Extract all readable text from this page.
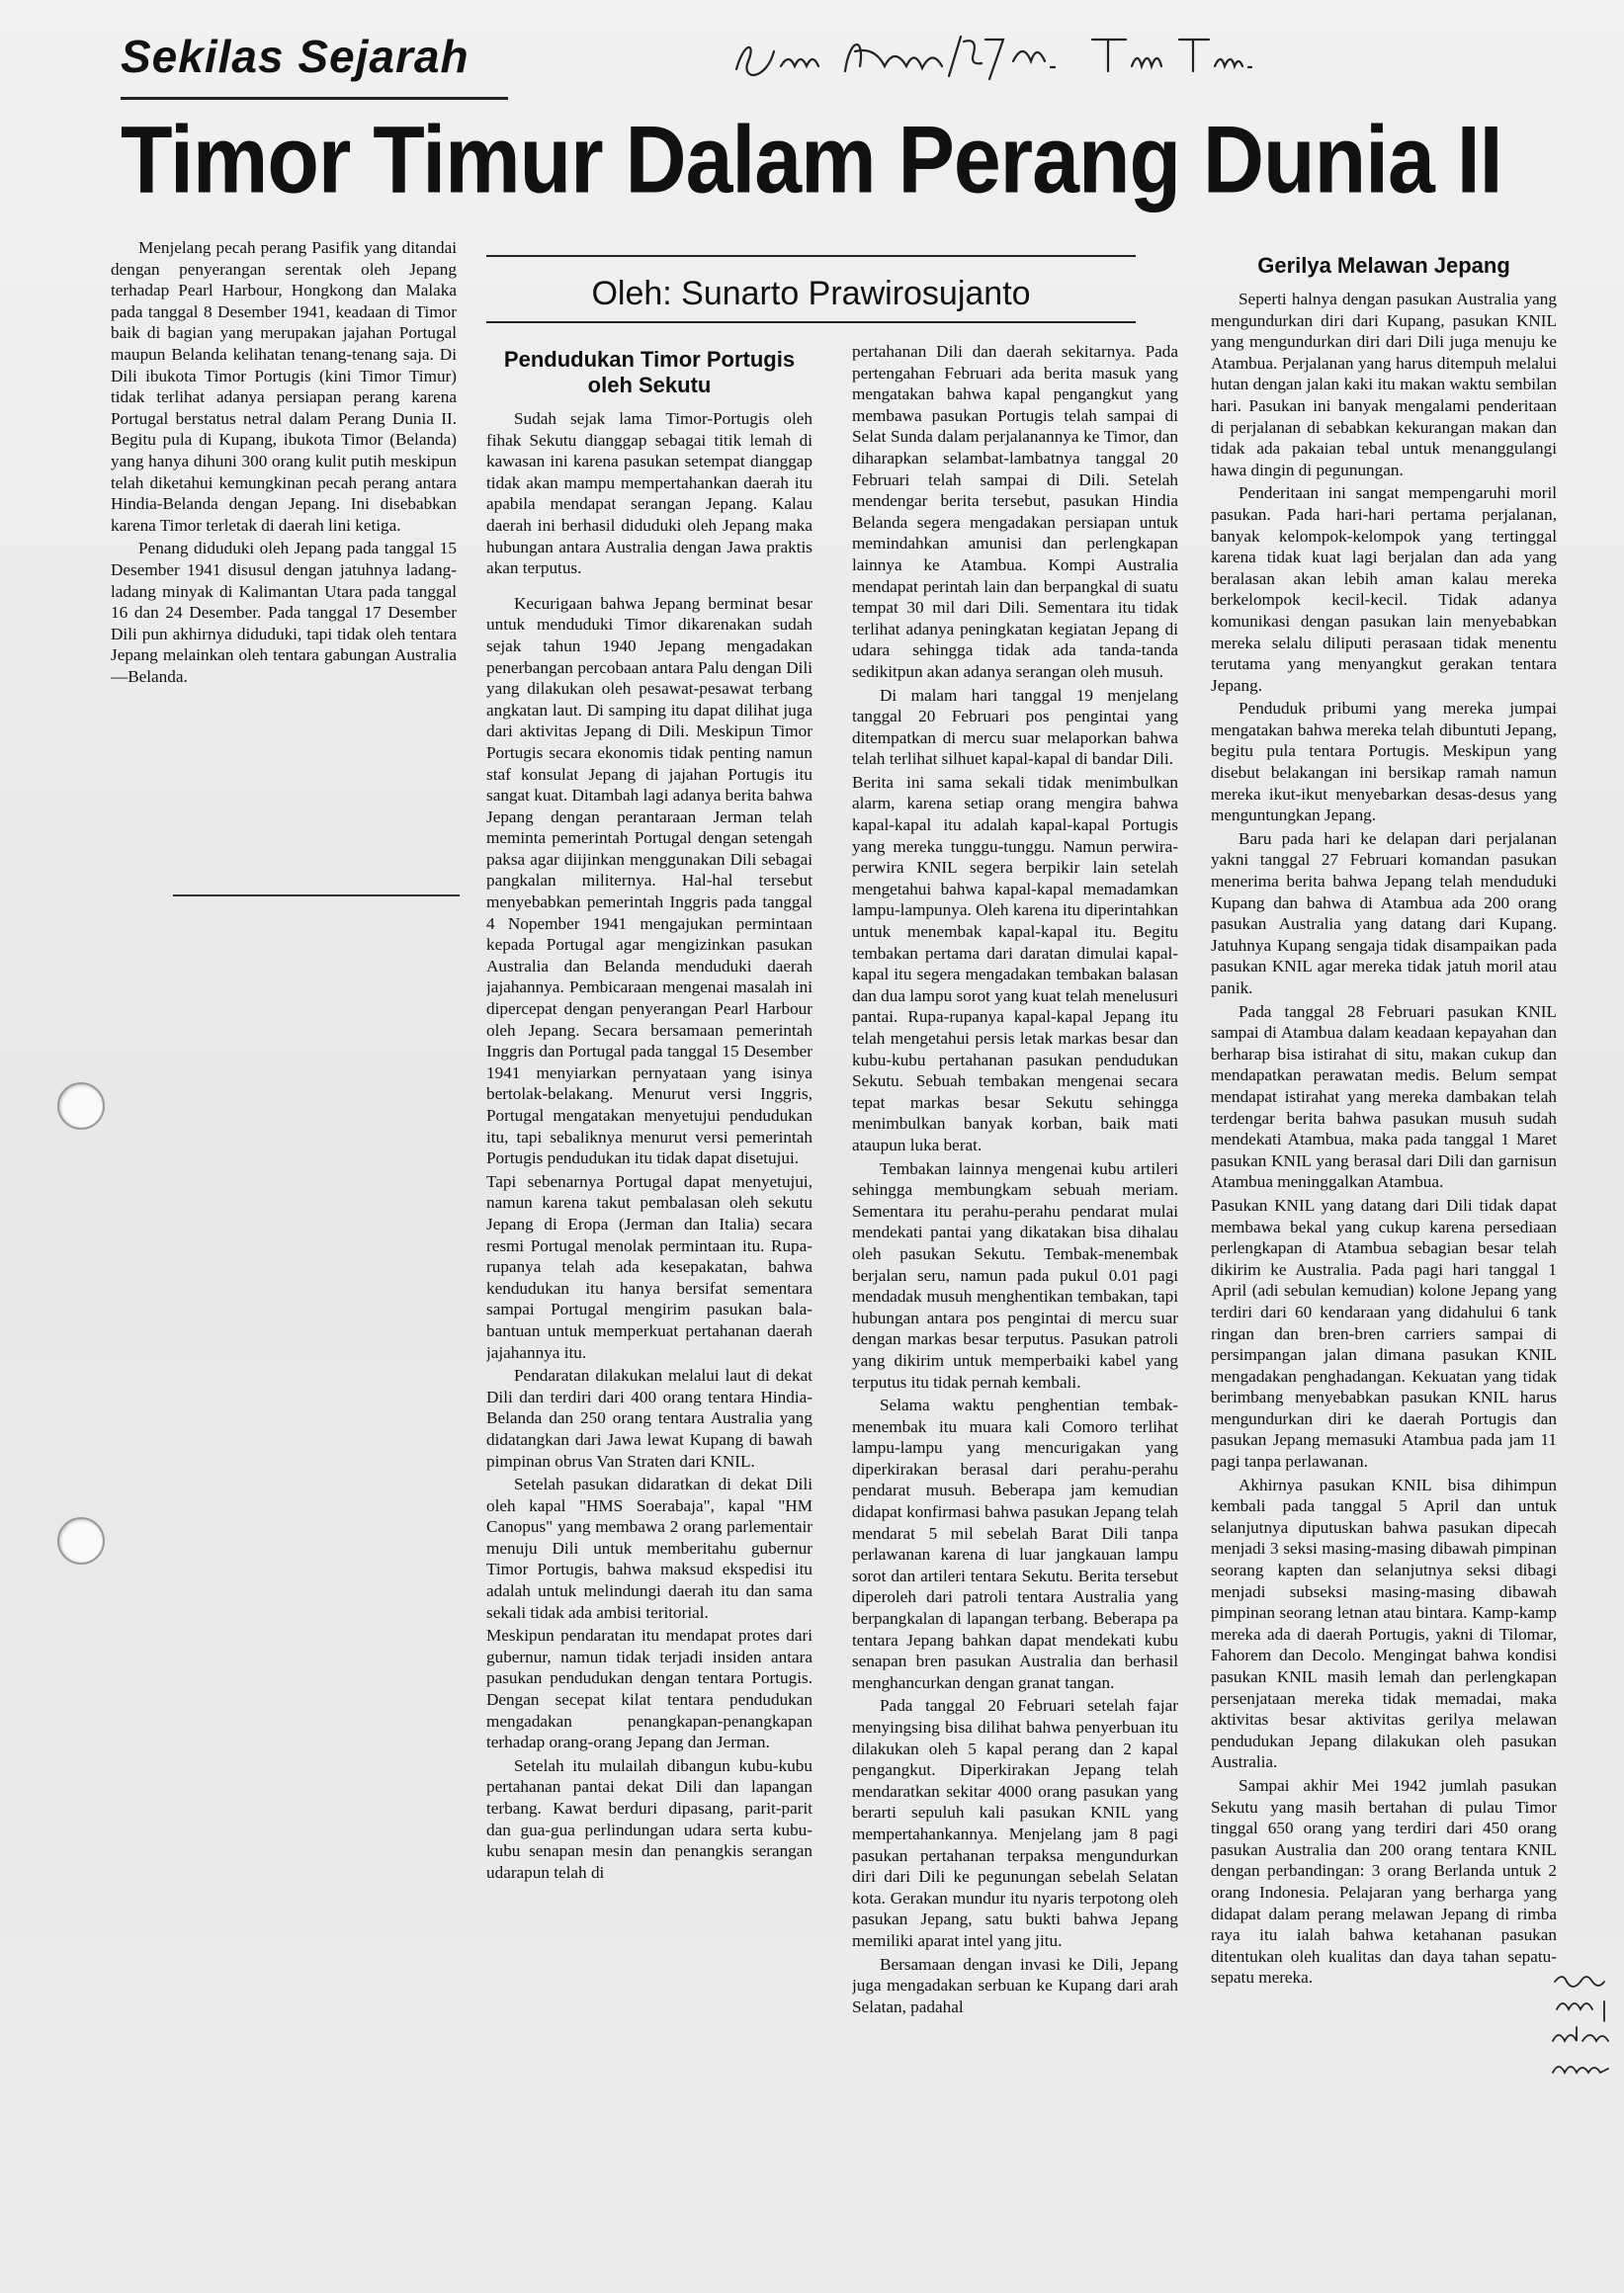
Sekilas Sejarah
Suara Karya 17/7/80. Tim Tim.
Timor Timur Dalam Perang Dunia II
Oleh: Sunarto Prawirosujanto

Menjelang pecah perang Pasifik yang ditandai dengan penyerangan serentak oleh Jepang terhadap Pearl Harbour, Hongkong dan Malaka pada tanggal 8 Desember 1941, keadaan di Timor baik di bagian yang merupakan jajahan Portugal maupun Belanda kelihatan tenang-tenang saja. Di Dili ibukota Timor Portugis (kini Timor Timur) tidak terlihat adanya persiapan perang karena Portugal berstatus netral dalam Perang Dunia II. Begitu pula di Kupang, ibukota Timor (Belanda) yang hanya dihuni 300 orang kulit putih meskipun telah diketahui kemungkinan pecah perang antara Hindia-Belanda dengan Jepang. Ini disebabkan karena Timor terletak di daerah lini ketiga.

Penang diduduki oleh Jepang pada tanggal 15 Desember 1941 disusul dengan jatuhnya ladang-ladang minyak di Kalimantan Utara pada tanggal 16 dan 24 Desember. Pada tanggal 17 Desember Dili pun akhirnya diduduki, tapi tidak oleh tentara Jepang melainkan oleh tentara gabungan Australia—Belanda.

Pendudukan Timor Portugis oleh Sekutu

Sudah sejak lama Timor-Portugis oleh fihak Sekutu dianggap sebagai titik lemah di kawasan ini karena pasukan setempat dianggap tidak akan mampu mempertahankan daerah itu apabila mendapat serangan Jepang. Kalau daerah ini berhasil diduduki oleh Jepang maka hubungan antara Australia dengan Jawa praktis akan terputus.

Kecurigaan bahwa Jepang berminat besar untuk menduduki Timor dikarenakan sudah sejak tahun 1940 Jepang mengadakan penerbangan percobaan antara Palu dengan Dili yang dilakukan oleh pesawat-pesawat terbang angkatan laut. Di samping itu dapat dilihat juga dari aktivitas Jepang di Dili. Meskipun Timor Portugis secara ekonomis tidak penting namun staf konsulat Jepang di jajahan Portugis itu sangat kuat. Ditambah lagi adanya berita bahwa Jepang dengan perantaraan Jerman telah meminta pemerintah Portugal dengan setengah paksa agar diijinkan menggunakan Dili sebagai pangkalan militernya. Hal-hal tersebut menyebabkan pemerintah Inggris pada tanggal 4 Nopember 1941 mengajukan permintaan kepada Portugal agar mengizinkan pasukan Australia dan Belanda menduduki daerah jajahannya. Pembicaraan mengenai masalah ini dipercepat dengan penyerangan Pearl Harbour oleh Jepang. Secara bersamaan pemerintah Inggris dan Portugal pada tanggal 15 Desember 1941 menyiarkan pernyataan yang isinya bertolak-belakang. Menurut versi Inggris, Portugal mengatakan menyetujui pendudukan itu, tapi sebaliknya menurut versi pemerintah Portugis pendudukan itu tidak dapat disetujui.

Tapi sebenarnya Portugal dapat menyetujui, namun karena takut pembalasan oleh sekutu Jepang di Eropa (Jerman dan Italia) secara resmi Portugal menolak permintaan itu. Rupa-rupanya telah ada kesepakatan, bahwa kendudukan itu hanya bersifat sementara sampai Portugal mengirim pasukan bala-bantuan untuk memperkuat pertahanan daerah jajahannya itu.

Pendaratan dilakukan melalui laut di dekat Dili dan terdiri dari 400 orang tentara Hindia-Belanda dan 250 orang tentara Australia yang didatangkan dari Jawa lewat Kupang di bawah pimpinan obrus Van Straten dari KNIL.

Setelah pasukan didaratkan di dekat Dili oleh kapal "HMS Soerabaja", kapal "HM Canopus" yang membawa 2 orang parlementair menuju Dili untuk memberitahu gubernur Timor Portugis, bahwa maksud ekspedisi itu adalah untuk melindungi daerah itu dan sama sekali tidak ada ambisi teritorial.

Meskipun pendaratan itu mendapat protes dari gubernur, namun tidak terjadi insiden antara pasukan pendudukan dengan tentara Portugis. Dengan secepat kilat tentara pendudukan mengadakan penangkapan-penangkapan terhadap orang-orang Jepang dan Jerman.

Setelah itu mulailah dibangun kubu-kubu pertahanan pantai dekat Dili dan lapangan terbang. Kawat berduri dipasang, parit-parit dan gua-gua perlindungan udara serta kubu-kubu senapan mesin dan penangkis serangan udarapun telah di

pertahanan Dili dan daerah sekitarnya. Pada pertengahan Februari ada berita masuk yang mengatakan bahwa kapal pengangkut yang membawa pasukan Portugis telah sampai di Selat Sunda dalam perjalanannya ke Timor, dan diharapkan selambat-lambatnya tanggal 20 Februari telah sampai di Dili. Setelah mendengar berita tersebut, pasukan Hindia Belanda segera mengadakan persiapan untuk memindahkan amunisi dan perlengkapan lainnya ke Atambua. Kompi Australia mendapat perintah lain dan berpangkal di suatu tempat 30 mil dari Dili. Sementara itu tidak terlihat adanya peningkatan kegiatan Jepang di udara sehingga tidak ada tanda-tanda sedikitpun akan adanya serangan oleh musuh.

Di malam hari tanggal 19 menjelang tanggal 20 Februari pos pengintai yang ditempatkan di mercu suar melaporkan bahwa telah terlihat silhuet kapal-kapal di bandar Dili.

Berita ini sama sekali tidak menimbulkan alarm, karena setiap orang mengira bahwa kapal-kapal itu adalah kapal-kapal Portugis yang mereka tunggu-tunggu. Namun perwira-perwira KNIL segera berpikir lain setelah mengetahui bahwa kapal-kapal memadamkan lampu-lampunya. Oleh karena itu diperintahkan untuk menembak kapal-kapal itu. Begitu tembakan pertama dari daratan dimulai kapal-kapal itu segera mengadakan tembakan balasan dan dua lampu sorot yang kuat telah menelusuri pantai. Rupa-rupanya kapal-kapal Jepang itu telah mengetahui persis letak markas besar dan kubu-kubu pertahanan pasukan pendudukan Sekutu. Sebuah tembakan mengenai secara tepat markas besar Sekutu sehingga menimbulkan banyak korban, baik mati ataupun luka berat.

Tembakan lainnya mengenai kubu artileri sehingga membungkam sebuah meriam. Sementara itu perahu-perahu pendarat mulai mendekati pantai yang dikatakan bisa dihalau oleh pasukan Sekutu. Tembak-menembak berjalan seru, namun pada pukul 0.01 pagi mendadak musuh menghentikan tembakan, tapi hubungan antara pos pengintai di mercu suar dengan markas besar terputus. Pasukan patroli yang dikirim untuk memperbaiki kabel yang terputus itu tidak pernah kembali.

Selama waktu penghentian tembak-menembak itu muara kali Comoro terlihat lampu-lampu yang mencurigakan yang diperkirakan berasal dari perahu-perahu pendarat musuh. Beberapa jam kemudian didapat konfirmasi bahwa pasukan Jepang telah mendarat 5 mil sebelah Barat Dili tanpa perlawanan karena di luar jangkauan lampu sorot dan artileri tentara Sekutu. Berita tersebut diperoleh dari patroli tentara Australia yang berpangkalan di lapangan terbang. Beberapa pa tentara Jepang bahkan dapat mendekati kubu senapan bren pasukan Australia dan berhasil menghancurkan dengan granat tangan.

Pada tanggal 20 Februari setelah fajar menyingsing bisa dilihat bahwa penyerbuan itu dilakukan oleh 5 kapal perang dan 2 kapal pengangkut. Diperkirakan Jepang telah mendaratkan sekitar 4000 orang pasukan yang berarti sepuluh kali pasukan KNIL yang mempertahankannya. Menjelang jam 8 pagi pasukan pertahanan terpaksa mengundurkan diri dari Dili ke pegunungan sebelah Selatan kota. Gerakan mundur itu nyaris terpotong oleh pasukan Jepang, satu bukti bahwa Jepang memiliki aparat intel yang jitu.

Bersamaan dengan invasi ke Dili, Jepang juga mengadakan serbuan ke Kupang dari arah Selatan, padahal

Gerilya Melawan Jepang

Seperti halnya dengan pasukan Australia yang mengundurkan diri dari Kupang, pasukan KNIL yang mengundurkan diri dari Dili juga menuju ke Atambua. Perjalanan yang harus ditempuh melalui hutan dengan jalan kaki itu makan waktu sembilan hari. Pasukan ini banyak mengalami penderitaan di perjalanan di sebabkan kekurangan makan dan tidak ada pakaian tebal untuk menanggulangi hawa dingin di pegunungan.

Penderitaan ini sangat mempengaruhi moril pasukan. Pada hari-hari pertama perjalanan, banyak kelompok-kelompok yang tertinggal karena tidak kuat lagi berjalan dan ada yang beralasan akan lebih aman kalau mereka berkelompok kecil-kecil. Tidak adanya komunikasi dengan pasukan lain menyebabkan mereka selalu diliputi perasaan tidak menentu terutama yang menyangkut gerakan tentara Jepang.

Penduduk pribumi yang mereka jumpai mengatakan bahwa mereka telah dibuntuti Jepang, begitu pula tentara Portugis. Meskipun yang disebut belakangan ini bersikap ramah namun mereka ikut-ikut menyebarkan desas-desus yang menguntungkan Jepang.

Baru pada hari ke delapan dari perjalanan yakni tanggal 27 Februari komandan pasukan menerima berita bahwa Jepang telah menduduki Kupang dan bahwa di Atambua ada 200 orang pasukan Australia yang datang dari Kupang. Jatuhnya Kupang sengaja tidak disampaikan pada pasukan KNIL agar mereka tidak jatuh moril atau panik.

Pada tanggal 28 Februari pasukan KNIL sampai di Atambua dalam keadaan kepayahan dan berharap bisa istirahat di situ, makan cukup dan mendapatkan perawatan medis. Belum sempat mendapat istirahat yang mereka dambakan telah terdengar berita bahwa pasukan musuh sudah mendekati Atambua, maka pada tanggal 1 Maret pasukan KNIL yang berasal dari Dili dan garnisun Atambua meninggalkan Atambua.

Pasukan KNIL yang datang dari Dili tidak dapat membawa bekal yang cukup karena persediaan perlengkapan di Atambua sebagian besar telah dikirim ke Australia. Pada pagi hari tanggal 1 April (adi sebulan kemudian) kolone Jepang yang terdiri dari 60 kendaraan yang didahului 6 tank ringan dan bren-bren carriers sampai di persimpangan jalan dimana pasukan KNIL mengadakan penghadangan. Kekuatan yang tidak berimbang menyebabkan pasukan KNIL harus mengundurkan diri ke daerah Portugis dan pasukan Jepang memasuki Atambua pada jam 11 pagi tanpa perlawanan.

Akhirnya pasukan KNIL bisa dihimpun kembali pada tanggal 5 April dan untuk selanjutnya diputuskan bahwa pasukan dipecah menjadi 3 seksi masing-masing dibawah pimpinan seorang kapten dan selanjutnya seksi dibagi menjadi subseksi masing-masing dibawah pimpinan seorang letnan atau bintara. Kamp-kamp mereka ada di daerah Portugis, yakni di Tilomar, Fahorem dan Decolo. Mengingat bahwa kondisi pasukan KNIL masih lemah dan perlengkapan persenjataan mereka tidak memadai, maka aktivitas besar aktivitas gerilya melawan pendudukan Jepang dilakukan oleh pasukan Australia.

Sampai akhir Mei 1942 jumlah pasukan Sekutu yang masih bertahan di pulau Timor tinggal 650 orang yang terdiri dari 450 orang pasukan Australia dan 200 orang tentara KNIL dengan perbandingan: 3 orang Berlanda untuk 2 orang Indonesia. Pelajaran yang berharga yang didapat dalam perang melawan Jepang di rimba raya itu ialah bahwa ketahanan pasukan ditentukan oleh kualitas dan daya tahan sepatu-sepatu mereka.

sebagian melawan
